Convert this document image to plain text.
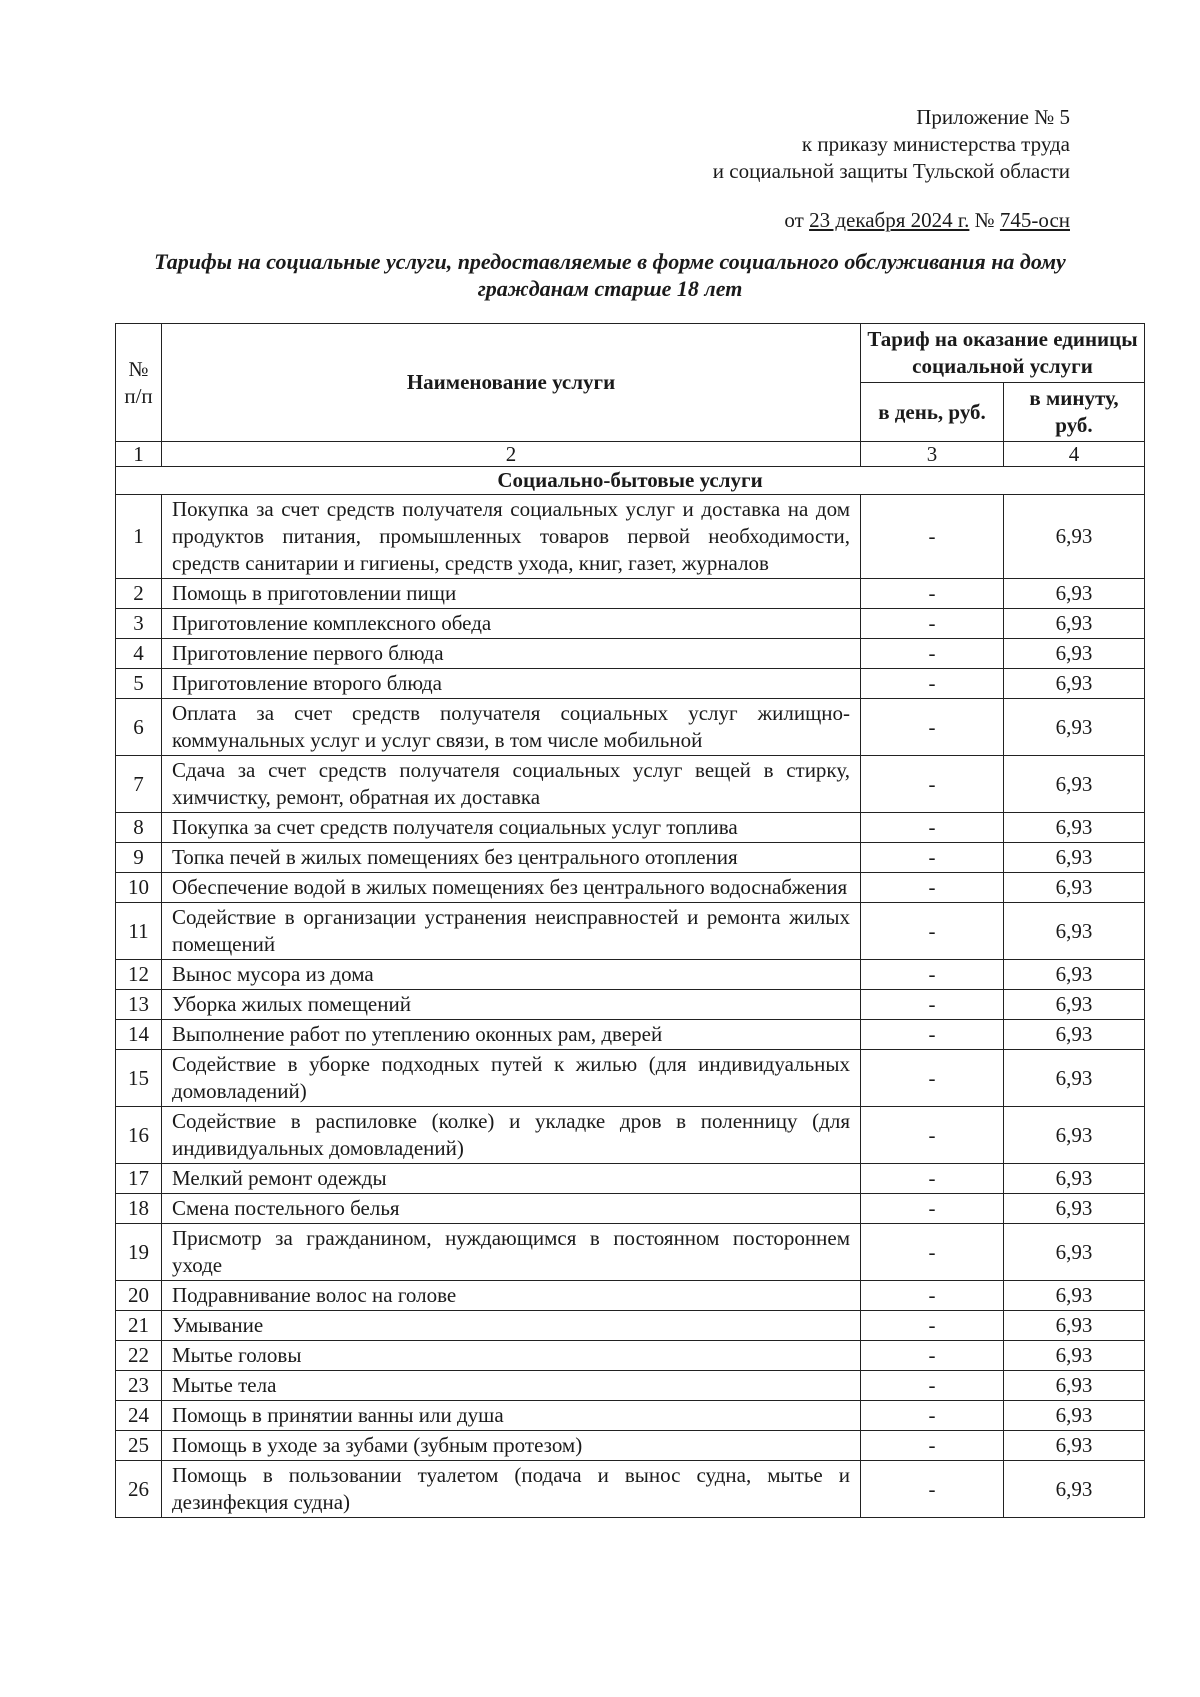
Приложение № 5
к приказу министерства труда
и социальной защиты Тульской области
от 23 декабря 2024 г. № 745-осн
Тарифы на социальные услуги, предоставляемые в форме социального обслуживания на дому гражданам старше 18 лет
№ п/п	Наименование услуги	Тариф на оказание единицы социальной услуги	
		в день, руб.	в минуту, руб.
1	2	3	4
Социально-бытовые услуги			
1	Покупка за счет средств получателя социальных услуг и доставка на дом продуктов питания, промышленных товаров первой необходимости, средств санитарии и гигиены, средств ухода, книг, газет, журналов	-	6,93
2	Помощь в приготовлении пищи	-	6,93
3	Приготовление комплексного обеда	-	6,93
4	Приготовление первого блюда	-	6,93
5	Приготовление второго блюда	-	6,93
6	Оплата за счет средств получателя социальных услуг жилищно-коммунальных услуг и услуг связи, в том числе мобильной	-	6,93
7	Сдача за счет средств получателя социальных услуг вещей в стирку, химчистку, ремонт, обратная их доставка	-	6,93
8	Покупка за счет средств получателя социальных услуг топлива	-	6,93
9	Топка печей в жилых помещениях без центрального отопления	-	6,93
10	Обеспечение водой в жилых помещениях без центрального водоснабжения	-	6,93
11	Содействие в организации устранения неисправностей и ремонта жилых помещений	-	6,93
12	Вынос мусора из дома	-	6,93
13	Уборка жилых помещений	-	6,93
14	Выполнение работ по утеплению оконных рам, дверей	-	6,93
15	Содействие в уборке подходных путей к жилью (для индивидуальных домовладений)	-	6,93
16	Содействие в распиловке (колке) и укладке дров в поленницу (для индивидуальных домовладений)	-	6,93
17	Мелкий ремонт одежды	-	6,93
18	Смена постельного белья	-	6,93
19	Присмотр за гражданином, нуждающимся в постоянном постороннем уходе	-	6,93
20	Подравнивание волос на голове	-	6,93
21	Умывание	-	6,93
22	Мытье головы	-	6,93
23	Мытье тела	-	6,93
24	Помощь в принятии ванны или душа	-	6,93
25	Помощь в уходе за зубами (зубным протезом)	-	6,93
26	Помощь в пользовании туалетом (подача и вынос судна, мытье и дезинфекция судна)	-	6,93
